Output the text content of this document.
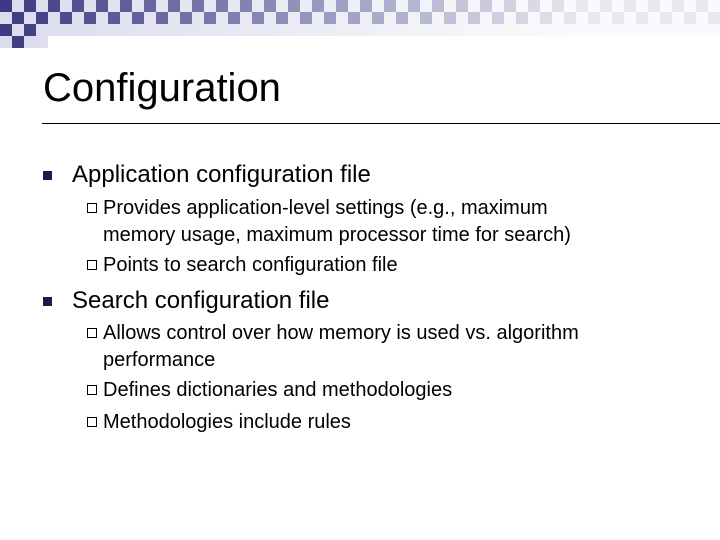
Configuration
Application configuration file
Provides application-level settings (e.g., maximum
memory usage, maximum processor time for search)
Points to search configuration file
Search configuration file
Allows control over how memory is used vs. algorithm
performance
Defines dictionaries and methodologies
Methodologies include rules
